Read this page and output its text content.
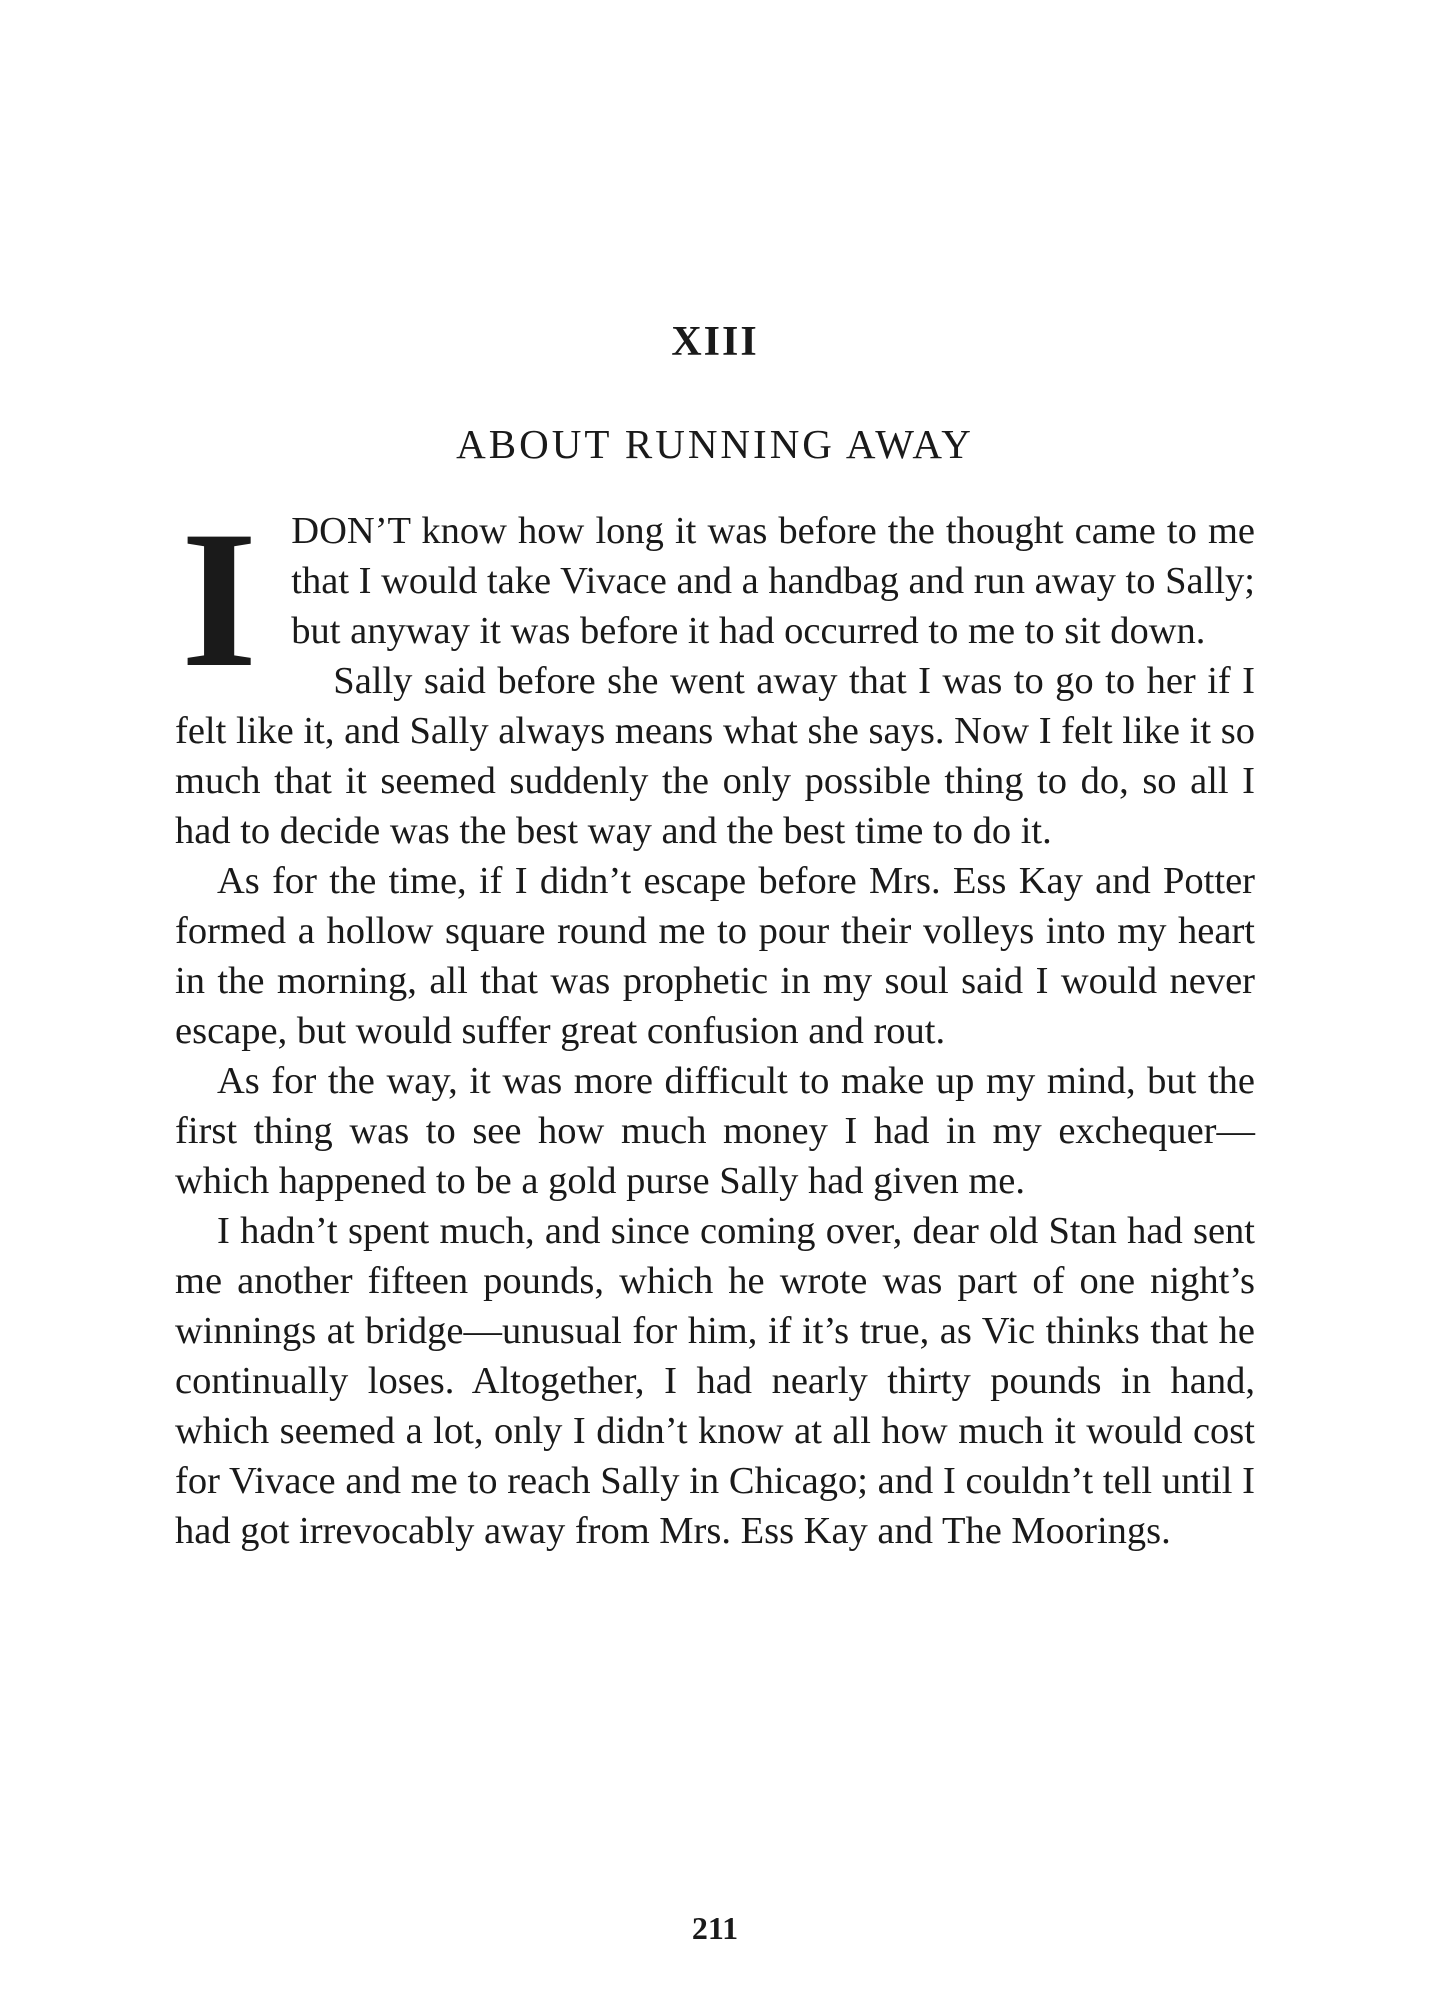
XIII
ABOUT RUNNING AWAY

I DON’T know how long it was before the thought came to me that I would take Vivace and a handbag and run away to Sally; but anyway it was before it had occurred to me to sit down.

Sally said before she went away that I was to go to her if I felt like it, and Sally always means what she says. Now I felt like it so much that it seemed suddenly the only possible thing to do, so all I had to decide was the best way and the best time to do it.

As for the time, if I didn’t escape before Mrs. Ess Kay and Potter formed a hollow square round me to pour their volleys into my heart in the morning, all that was prophetic in my soul said I would never escape, but would suffer great confusion and rout.

As for the way, it was more difficult to make up my mind, but the first thing was to see how much money I had in my exchequer—which happened to be a gold purse Sally had given me.

I hadn’t spent much, and since coming over, dear old Stan had sent me another fifteen pounds, which he wrote was part of one night’s winnings at bridge—unusual for him, if it’s true, as Vic thinks that he continually loses. Altogether, I had nearly thirty pounds in hand, which seemed a lot, only I didn’t know at all how much it would cost for Vivace and me to reach Sally in Chicago; and I couldn’t tell until I had got irrevocably away from Mrs. Ess Kay and The Moorings.

211
